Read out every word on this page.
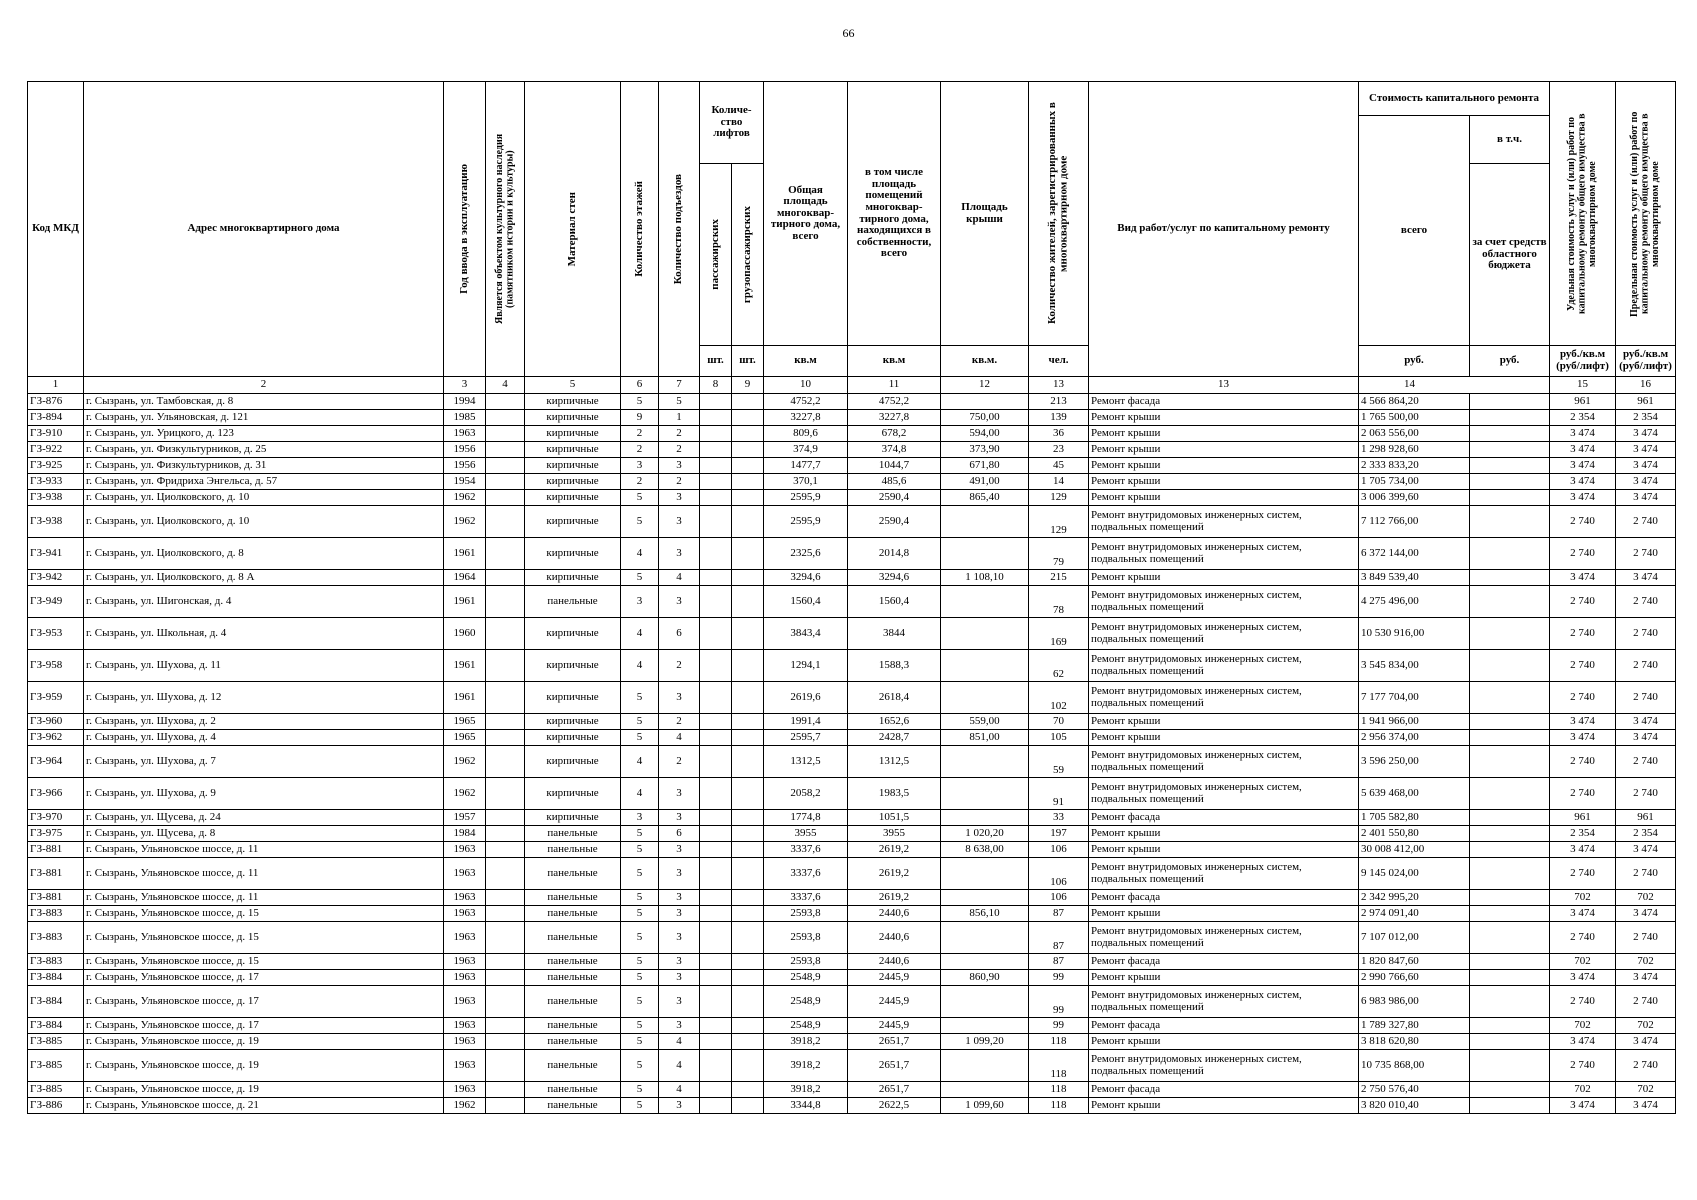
66
Код МКД	Адрес многоквартирного дома	Год ввода в эксплуатацию	Является объектом культурного наследия (памятником истории и культуры)	Материал стен	Количество этажей	Количество подъездов	Количе- ство лифтов		Общая площадь многоквар- тирного дома, всего	в том числе площадь помещений многоквар- тирного дома, находящихся в собственности, всего	Площадь крыши	Количество жителей, зарегистрированных в многоквартирном доме	Вид работ/услуг по капитальному ремонту	Стоимость капитального ремонта		Удельная стоимость услуг и (или) работ по капитальному ремонту общего имущества в многоквартирном доме	Предельная стоимость услуг и (или) работ по капитальному ремонту общего имущества в многоквартирном доме

														всего	в т.ч.		

							пассажирских	грузопассажирских							за счет средств областного бюджета		
							шт.	шт.	кв.м	кв.м	кв.м.	чел.		руб.	руб.	руб./кв.м (руб/лифт)	руб./кв.м (руб/лифт)
1	2	3	4	5	6	7	8	9	10	11	12	13	13	14		15	16
ГЗ-876	г. Сызрань, ул. Тамбовская, д. 8	1994		кирпичные	5	5			4752,2	4752,2		213	Ремонт фасада	4 566 864,20		961	961
ГЗ-894	г. Сызрань, ул. Ульяновская, д. 121	1985		кирпичные	9	1			3227,8	3227,8	750,00	139	Ремонт крыши	1 765 500,00		2 354	2 354
ГЗ-910	г. Сызрань, ул. Урицкого, д. 123	1963		кирпичные	2	2			809,6	678,2	594,00	36	Ремонт крыши	2 063 556,00		3 474	3 474
ГЗ-922	г. Сызрань, ул. Физкультурников, д. 25	1956		кирпичные	2	2			374,9	374,8	373,90	23	Ремонт крыши	1 298 928,60		3 474	3 474
ГЗ-925	г. Сызрань, ул. Физкультурников, д. 31	1956		кирпичные	3	3			1477,7	1044,7	671,80	45	Ремонт крыши	2 333 833,20		3 474	3 474
ГЗ-933	г. Сызрань, ул. Фридриха Энгельса, д. 57	1954		кирпичные	2	2			370,1	485,6	491,00	14	Ремонт крыши	1 705 734,00		3 474	3 474
ГЗ-938	г. Сызрань, ул. Циолковского, д. 10	1962		кирпичные	5	3			2595,9	2590,4	865,40	129	Ремонт крыши	3 006 399,60		3 474	3 474
ГЗ-938	г. Сызрань, ул. Циолковского, д. 10	1962		кирпичные	5	3			2595,9	2590,4		129	Ремонт внутридомовых инженерных систем, подвальных помещений	7 112 766,00		2 740	2 740
ГЗ-941	г. Сызрань, ул. Циолковского, д. 8	1961		кирпичные	4	3			2325,6	2014,8		79	Ремонт внутридомовых инженерных систем, подвальных помещений	6 372 144,00		2 740	2 740
ГЗ-942	г. Сызрань, ул. Циолковского, д. 8 А	1964		кирпичные	5	4			3294,6	3294,6	1 108,10	215	Ремонт крыши	3 849 539,40		3 474	3 474
ГЗ-949	г. Сызрань, ул. Шигонская, д. 4	1961		панельные	3	3			1560,4	1560,4		78	Ремонт внутридомовых инженерных систем, подвальных помещений	4 275 496,00		2 740	2 740
ГЗ-953	г. Сызрань, ул. Школьная, д. 4	1960		кирпичные	4	6			3843,4	3844		169	Ремонт внутридомовых инженерных систем, подвальных помещений	10 530 916,00		2 740	2 740
ГЗ-958	г. Сызрань, ул. Шухова, д. 11	1961		кирпичные	4	2			1294,1	1588,3		62	Ремонт внутридомовых инженерных систем, подвальных помещений	3 545 834,00		2 740	2 740
ГЗ-959	г. Сызрань, ул. Шухова, д. 12	1961		кирпичные	5	3			2619,6	2618,4		102	Ремонт внутридомовых инженерных систем, подвальных помещений	7 177 704,00		2 740	2 740
ГЗ-960	г. Сызрань, ул. Шухова, д. 2	1965		кирпичные	5	2			1991,4	1652,6	559,00	70	Ремонт крыши	1 941 966,00		3 474	3 474
ГЗ-962	г. Сызрань, ул. Шухова, д. 4	1965		кирпичные	5	4			2595,7	2428,7	851,00	105	Ремонт крыши	2 956 374,00		3 474	3 474
ГЗ-964	г. Сызрань, ул. Шухова, д. 7	1962		кирпичные	4	2			1312,5	1312,5		59	Ремонт внутридомовых инженерных систем, подвальных помещений	3 596 250,00		2 740	2 740
ГЗ-966	г. Сызрань, ул. Шухова, д. 9	1962		кирпичные	4	3			2058,2	1983,5		91	Ремонт внутридомовых инженерных систем, подвальных помещений	5 639 468,00		2 740	2 740
ГЗ-970	г. Сызрань, ул. Щусева, д. 24	1957		кирпичные	3	3			1774,8	1051,5		33	Ремонт фасада	1 705 582,80		961	961
ГЗ-975	г. Сызрань, ул. Щусева, д. 8	1984		панельные	5	6			3955	3955	1 020,20	197	Ремонт крыши	2 401 550,80		2 354	2 354
ГЗ-881	г. Сызрань, Ульяновское шоссе, д. 11	1963		панельные	5	3			3337,6	2619,2	8 638,00	106	Ремонт крыши	30 008 412,00		3 474	3 474
ГЗ-881	г. Сызрань, Ульяновское шоссе, д. 11	1963		панельные	5	3			3337,6	2619,2		106	Ремонт внутридомовых инженерных систем, подвальных помещений	9 145 024,00		2 740	2 740
ГЗ-881	г. Сызрань, Ульяновское шоссе, д. 11	1963		панельные	5	3			3337,6	2619,2		106	Ремонт фасада	2 342 995,20		702	702
ГЗ-883	г. Сызрань, Ульяновское шоссе, д. 15	1963		панельные	5	3			2593,8	2440,6	856,10	87	Ремонт крыши	2 974 091,40		3 474	3 474
ГЗ-883	г. Сызрань, Ульяновское шоссе, д. 15	1963		панельные	5	3			2593,8	2440,6		87	Ремонт внутридомовых инженерных систем, подвальных помещений	7 107 012,00		2 740	2 740
ГЗ-883	г. Сызрань, Ульяновское шоссе, д. 15	1963		панельные	5	3			2593,8	2440,6		87	Ремонт фасада	1 820 847,60		702	702
ГЗ-884	г. Сызрань, Ульяновское шоссе, д. 17	1963		панельные	5	3			2548,9	2445,9	860,90	99	Ремонт крыши	2 990 766,60		3 474	3 474
ГЗ-884	г. Сызрань, Ульяновское шоссе, д. 17	1963		панельные	5	3			2548,9	2445,9		99	Ремонт внутридомовых инженерных систем, подвальных помещений	6 983 986,00		2 740	2 740
ГЗ-884	г. Сызрань, Ульяновское шоссе, д. 17	1963		панельные	5	3			2548,9	2445,9		99	Ремонт фасада	1 789 327,80		702	702
ГЗ-885	г. Сызрань, Ульяновское шоссе, д. 19	1963		панельные	5	4			3918,2	2651,7	1 099,20	118	Ремонт крыши	3 818 620,80		3 474	3 474
ГЗ-885	г. Сызрань, Ульяновское шоссе, д. 19	1963		панельные	5	4			3918,2	2651,7		118	Ремонт внутридомовых инженерных систем, подвальных помещений	10 735 868,00		2 740	2 740
ГЗ-885	г. Сызрань, Ульяновское шоссе, д. 19	1963		панельные	5	4			3918,2	2651,7		118	Ремонт фасада	2 750 576,40		702	702
ГЗ-886	г. Сызрань, Ульяновское шоссе, д. 21	1962		панельные	5	3			3344,8	2622,5	1 099,60	118	Ремонт крыши	3 820 010,40		3 474	3 474
